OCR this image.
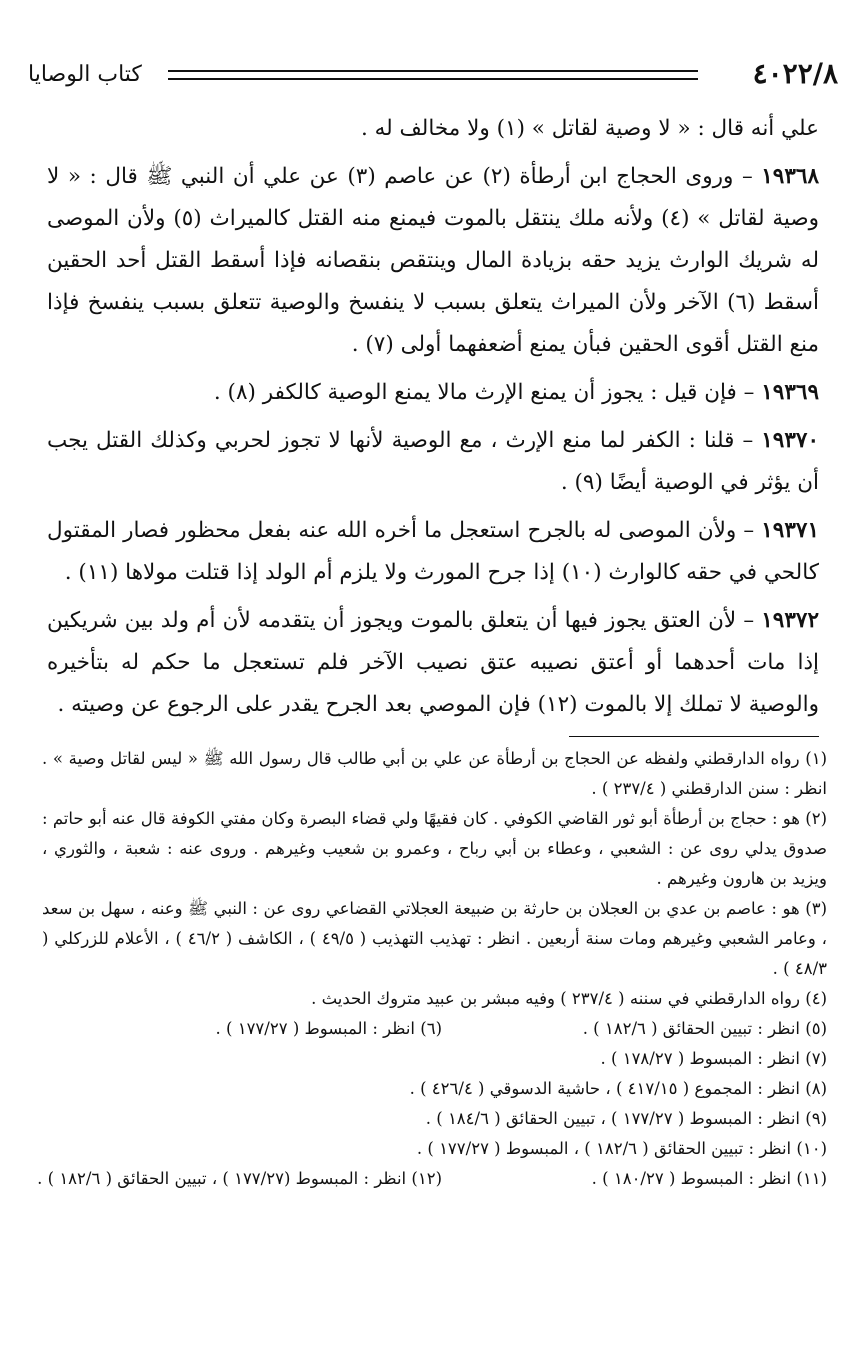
٤٠٢٢/٨
كتاب الوصايا

علي أنه قال : « لا وصية لقاتل » (١) ولا مخالف له .

١٩٣٦٨ – وروى الحجاج ابن أرطأة (٢) عن عاصم (٣) عن علي أن النبي ﷺ قال : « لا وصية لقاتل » (٤) ولأنه ملك ينتقل بالموت فيمنع منه القتل كالميراث (٥) ولأن الموصى له شريك الوارث يزيد حقه بزيادة المال وينتقص بنقصانه فإذا أسقط القتل أحد الحقين أسقط (٦) الآخر ولأن الميراث يتعلق بسبب لا ينفسخ والوصية تتعلق بسبب ينفسخ فإذا منع القتل أقوى الحقين فبأن يمنع أضعفهما أولى (٧) .

١٩٣٦٩ – فإن قيل : يجوز أن يمنع الإرث مالا يمنع الوصية كالكفر (٨) .

١٩٣٧٠ – قلنا : الكفر لما منع الإرث ، مع الوصية لأنها لا تجوز لحربي وكذلك القتل يجب أن يؤثر في الوصية أيضًا (٩) .

١٩٣٧١ – ولأن الموصى له بالجرح استعجل ما أخره الله عنه بفعل محظور فصار المقتول كالحي في حقه كالوارث (١٠) إذا جرح المورث ولا يلزم أم الولد إذا قتلت مولاها (١١) .

١٩٣٧٢ – لأن العتق يجوز فيها أن يتعلق بالموت ويجوز أن يتقدمه لأن أم ولد بين شريكين إذا مات أحدهما أو أعتق نصيبه عتق نصيب الآخر فلم تستعجل ما حكم له بتأخيره والوصية لا تملك إلا بالموت (١٢) فإن الموصي بعد الجرح يقدر على الرجوع عن وصيته .

(١) رواه الدارقطني ولفظه عن الحجاج بن أرطأة عن علي بن أبي طالب قال رسول الله ﷺ « ليس لقاتل وصية » . انظر : سنن الدارقطني ( ٢٣٧/٤ ) .

(٢) هو : حجاج بن أرطأة أبو ثور القاضي الكوفي . كان فقيهًا ولي قضاء البصرة وكان مفتي الكوفة قال عنه أبو حاتم : صدوق يدلي روى عن : الشعبي ، وعطاء بن أبي رباح ، وعمرو بن شعيب وغيرهم . وروى عنه : شعبة ، والثوري ، ويزيد بن هارون وغيرهم .

(٣) هو : عاصم بن عدي بن العجلان بن حارثة بن ضبيعة العجلاتي القضاعي روى عن : النبي ﷺ وعنه ، سهل بن سعد ، وعامر الشعبي وغيرهم ومات سنة أربعين . انظر : تهذيب التهذيب ( ٤٩/٥ ) ، الكاشف ( ٤٦/٢ ) ، الأعلام للزركلي ( ٤٨/٣ ) .

(٤) رواه الدارقطني في سننه ( ٢٣٧/٤ ) وفيه مبشر بن عبيد متروك الحديث .

(٥) انظر : تبيين الحقائق ( ١٨٢/٦ ) .
(٦) انظر : المبسوط ( ١٧٧/٢٧ ) .

(٧) انظر : المبسوط ( ١٧٨/٢٧ ) .

(٨) انظر : المجموع ( ٤١٧/١٥ ) ، حاشية الدسوقي ( ٤٢٦/٤ ) .

(٩) انظر : المبسوط ( ١٧٧/٢٧ ) ، تبيين الحقائق ( ١٨٤/٦ ) .

(١٠) انظر : تبيين الحقائق ( ١٨٢/٦ ) ، المبسوط ( ١٧٧/٢٧ ) .

(١١) انظر : المبسوط ( ١٨٠/٢٧ ) .
(١٢) انظر : المبسوط (١٧٧/٢٧ ) ، تبيين الحقائق ( ١٨٢/٦ ) .
